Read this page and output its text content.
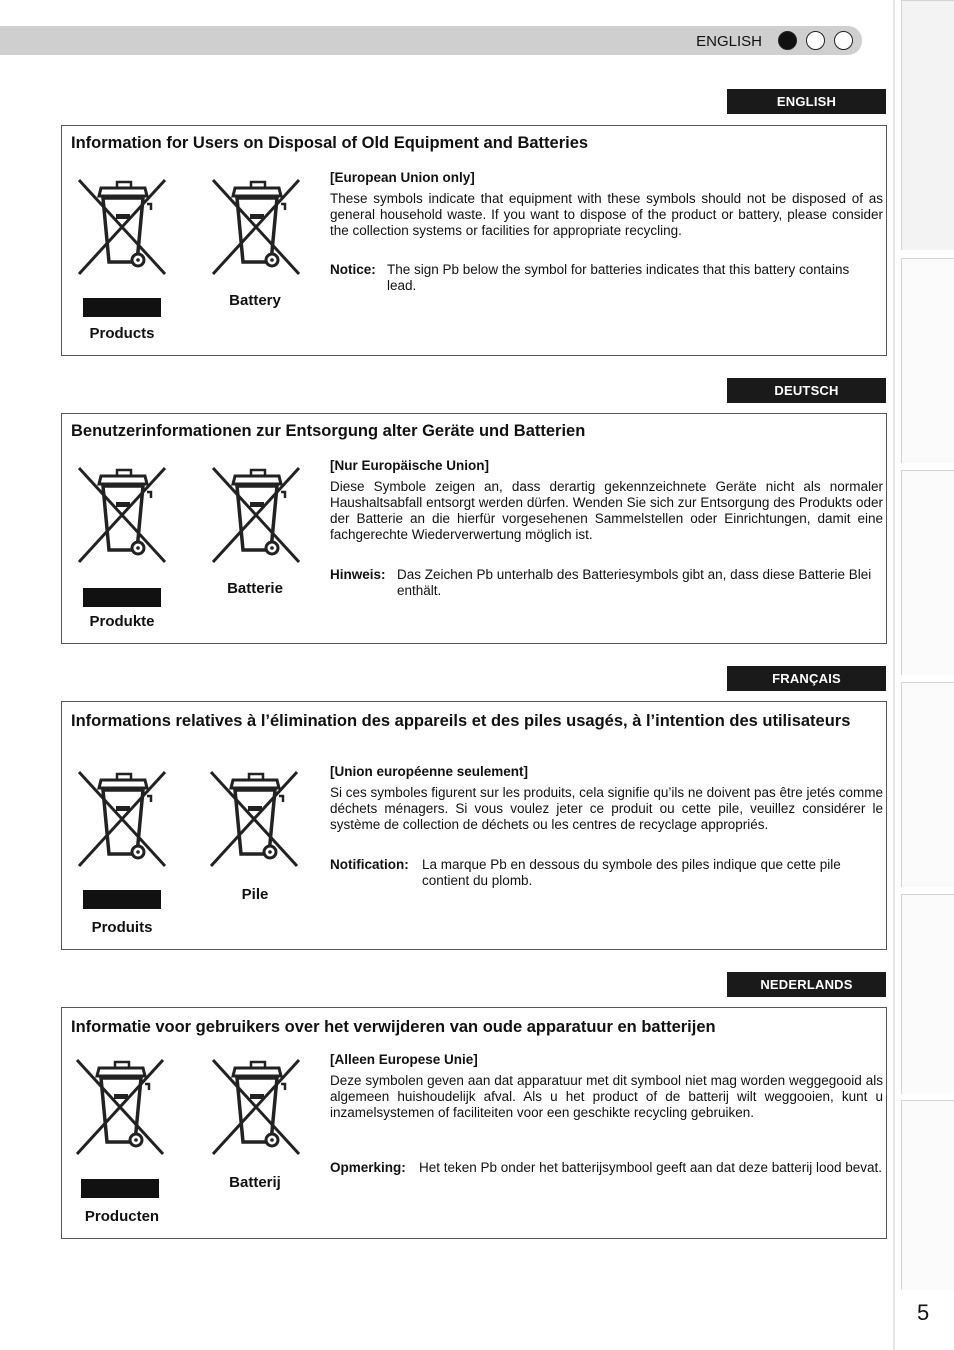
ENGLISH
5
ENGLISH
Information for Users on Disposal of Old Equipment and Batteries
Products
Battery
[European Union only]
These symbols indicate that equipment with these symbols should not be disposed of as general household waste. If you want to dispose of the product or battery, please consider the collection systems or facilities for appropriate recycling.
Notice: The sign Pb below the symbol for batteries indicates that this battery contains lead.
DEUTSCH
Benutzerinformationen zur Entsorgung alter Geräte und Batterien
Produkte
Batterie
[Nur Europäische Union]
Diese Symbole zeigen an, dass derartig gekennzeichnete Geräte nicht als normaler Haushaltsabfall entsorgt werden dürfen. Wenden Sie sich zur Entsorgung des Produkts oder der Batterie an die hierfür vorgesehenen Sammelstellen oder Einrichtungen, damit eine fachgerechte Wiederverwertung möglich ist.
Hinweis: Das Zeichen Pb unterhalb des Batteriesymbols gibt an, dass diese Batterie Blei enthält.
FRANÇAIS
Informations relatives à l’élimination des appareils et des piles usagés, à l’intention des utilisateurs
Produits
Pile
[Union européenne seulement]
Si ces symboles figurent sur les produits, cela signifie qu’ils ne doivent pas être jetés comme déchets ménagers. Si vous voulez jeter ce produit ou cette pile, veuillez considérer le système de collection de déchets ou les centres de recyclage appropriés.
Notification: La marque Pb en dessous du symbole des piles indique que cette pile contient du plomb.
NEDERLANDS
Informatie voor gebruikers over het verwijderen van oude apparatuur en batterijen
Producten
Batterij
[Alleen Europese Unie]
Deze symbolen geven aan dat apparatuur met dit symbool niet mag worden weggegooid als algemeen huishoudelijk afval. Als u het product of de batterij wilt weggooien, kunt u inzamelsystemen of faciliteiten voor een geschikte recycling gebruiken.
Opmerking: Het teken Pb onder het batterijsymbool geeft aan dat deze batterij lood bevat.
